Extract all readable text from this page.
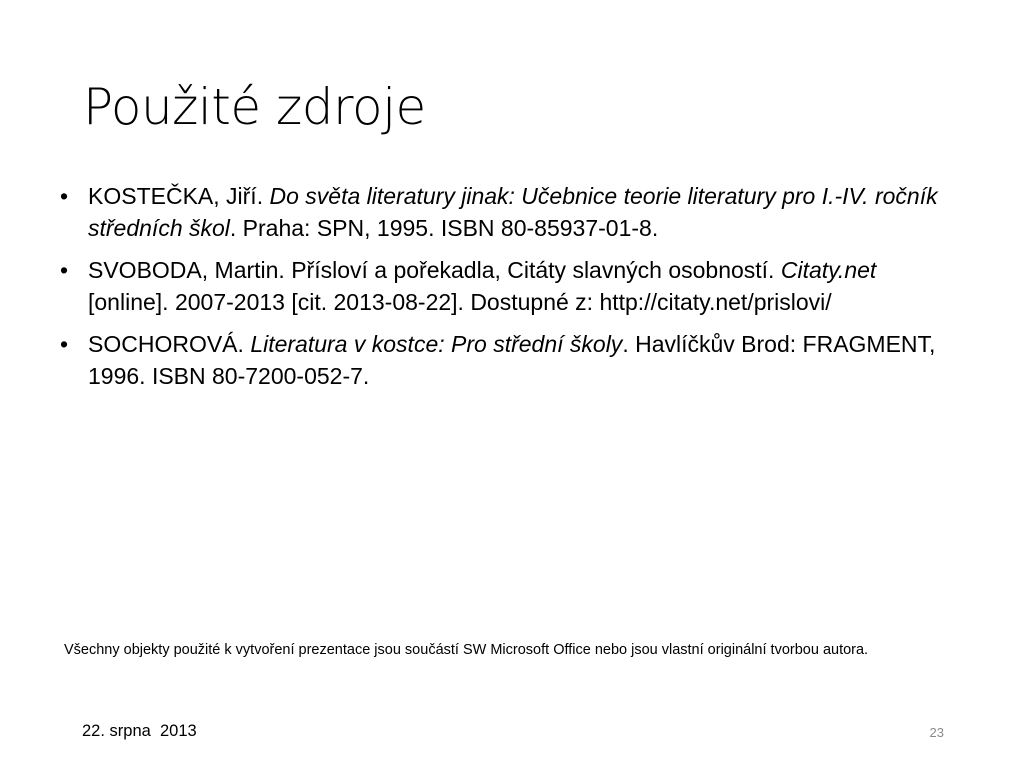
Použité zdroje
• KOSTEČKA, Jiří. Do světa literatury jinak: Učebnice teorie literatury pro I.-IV. ročník středních škol. Praha: SPN, 1995. ISBN 80-85937-01-8.
• SVOBODA, Martin. Přísloví a pořekadla, Citáty slavných osobností. Citaty.net [online]. 2007-2013 [cit. 2013-08-22]. Dostupné z: http://citaty.net/prislovi/
• SOCHOROVÁ. Literatura v kostce: Pro střední školy. Havlíčkův Brod: FRAGMENT, 1996. ISBN 80-7200-052-7.

Všechny objekty použité k vytvoření prezentace jsou součástí SW Microsoft Office nebo jsou vlastní originální tvorbou autora.

22. srpna  2013	23
